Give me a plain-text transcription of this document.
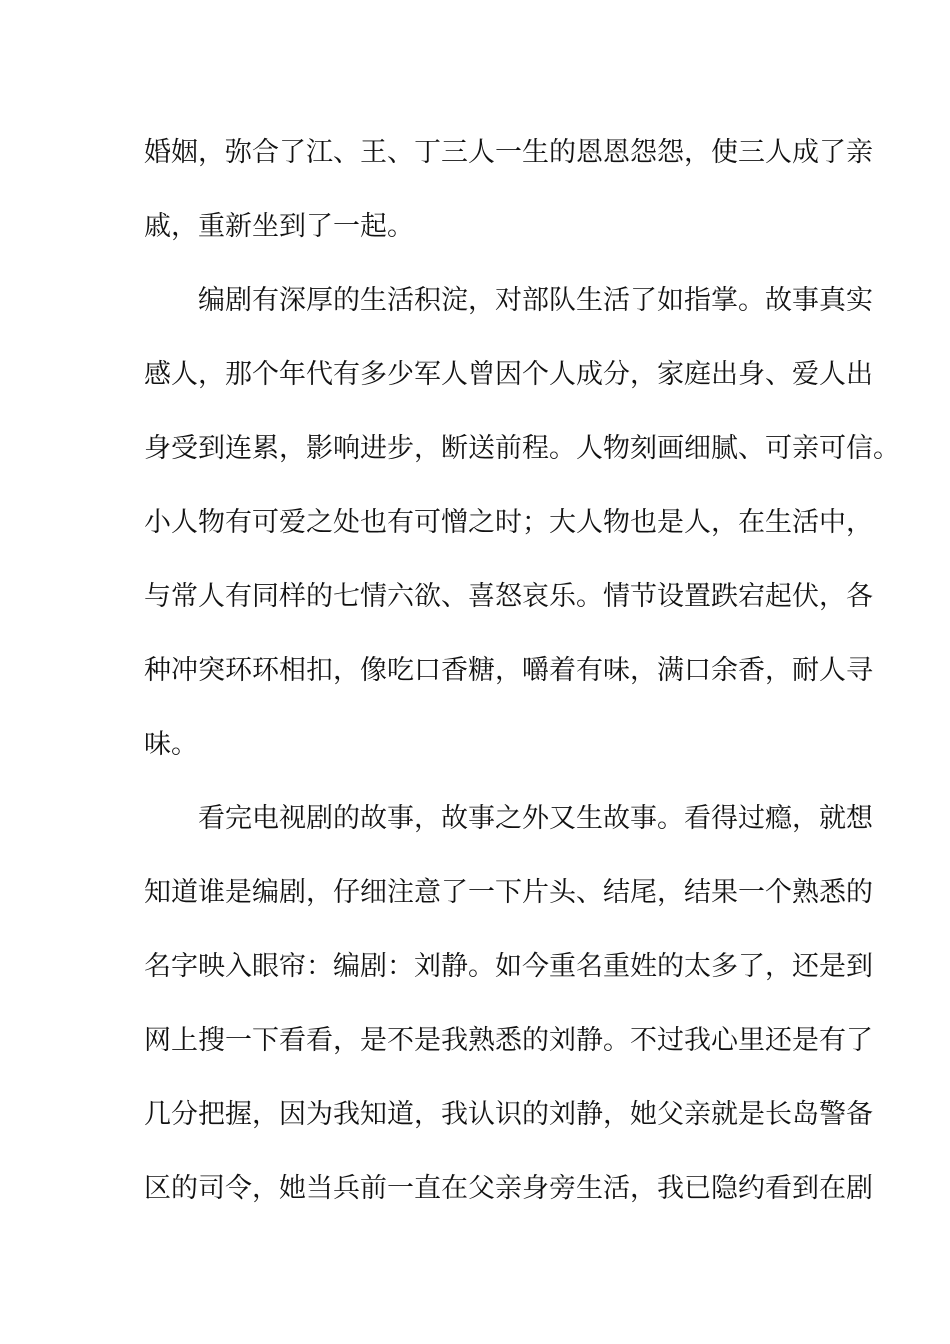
婚姻，弥合了江、王、丁三人一生的恩恩怨怨，使三人成了亲
戚，重新坐到了一起。
　　编剧有深厚的生活积淀，对部队生活了如指掌。故事真实
感人，那个年代有多少军人曾因个人成分，家庭出身、爱人出
身受到连累，影响进步，断送前程。人物刻画细腻、可亲可信。
小人物有可爱之处也有可憎之时；大人物也是人，在生活中，
与常人有同样的七情六欲、喜怒哀乐。情节设置跌宕起伏，各
种冲突环环相扣，像吃口香糖，嚼着有味，满口余香，耐人寻
味。
　　看完电视剧的故事，故事之外又生故事。看得过瘾，就想
知道谁是编剧，仔细注意了一下片头、结尾，结果一个熟悉的
名字映入眼帘：编剧：刘静。如今重名重姓的太多了，还是到
网上搜一下看看，是不是我熟悉的刘静。不过我心里还是有了
几分把握，因为我知道，我认识的刘静，她父亲就是长岛警备
区的司令，她当兵前一直在父亲身旁生活，我已隐约看到在剧
